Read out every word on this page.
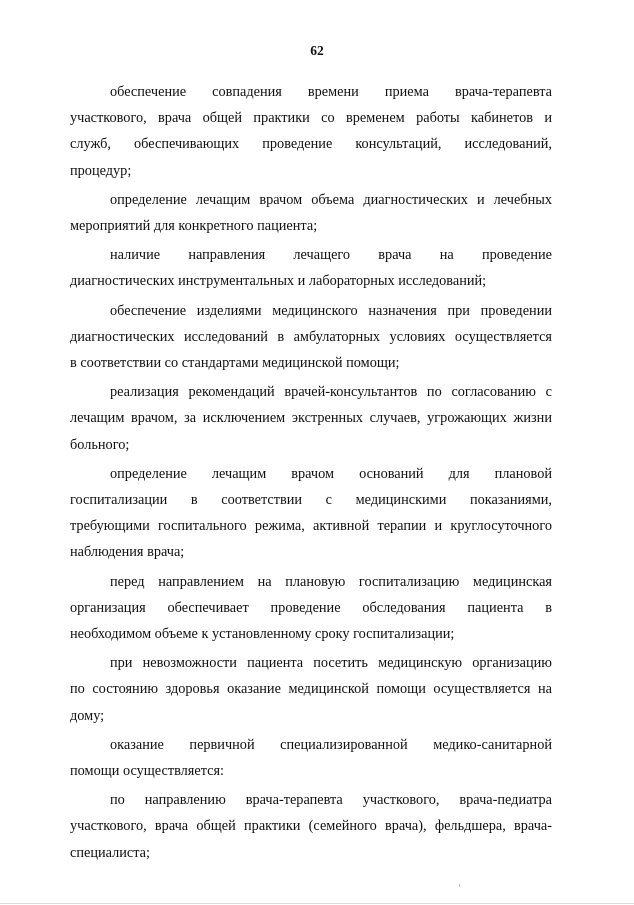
62
обеспечение совпадения времени приема врача-терапевта
участкового, врача общей практики со временем работы кабинетов и
служб, обеспечивающих проведение консультаций, исследований,
процедур;
определение лечащим врачом объема диагностических и лечебных
мероприятий для конкретного пациента;
наличие направления лечащего врача на проведение
диагностических инструментальных и лабораторных исследований;
обеспечение изделиями медицинского назначения при проведении
диагностических исследований в амбулаторных условиях осуществляется
в соответствии со стандартами медицинской помощи;
реализация рекомендаций врачей-консультантов по согласованию с
лечащим врачом, за исключением экстренных случаев, угрожающих жизни
больного;
определение лечащим врачом оснований для плановой
госпитализации в соответствии с медицинскими показаниями,
требующими госпитального режима, активной терапии и круглосуточного
наблюдения врача;
перед направлением на плановую госпитализацию медицинская
организация обеспечивает проведение обследования пациента в
необходимом объеме к установленному сроку госпитализации;
при невозможности пациента посетить медицинскую организацию
по состоянию здоровья оказание медицинской помощи осуществляется на
дому;
оказание первичной специализированной медико-санитарной
помощи осуществляется:
по направлению врача-терапевта участкового, врача-педиатра
участкового, врача общей практики (семейного врача), фельдшера, врача-
специалиста;
